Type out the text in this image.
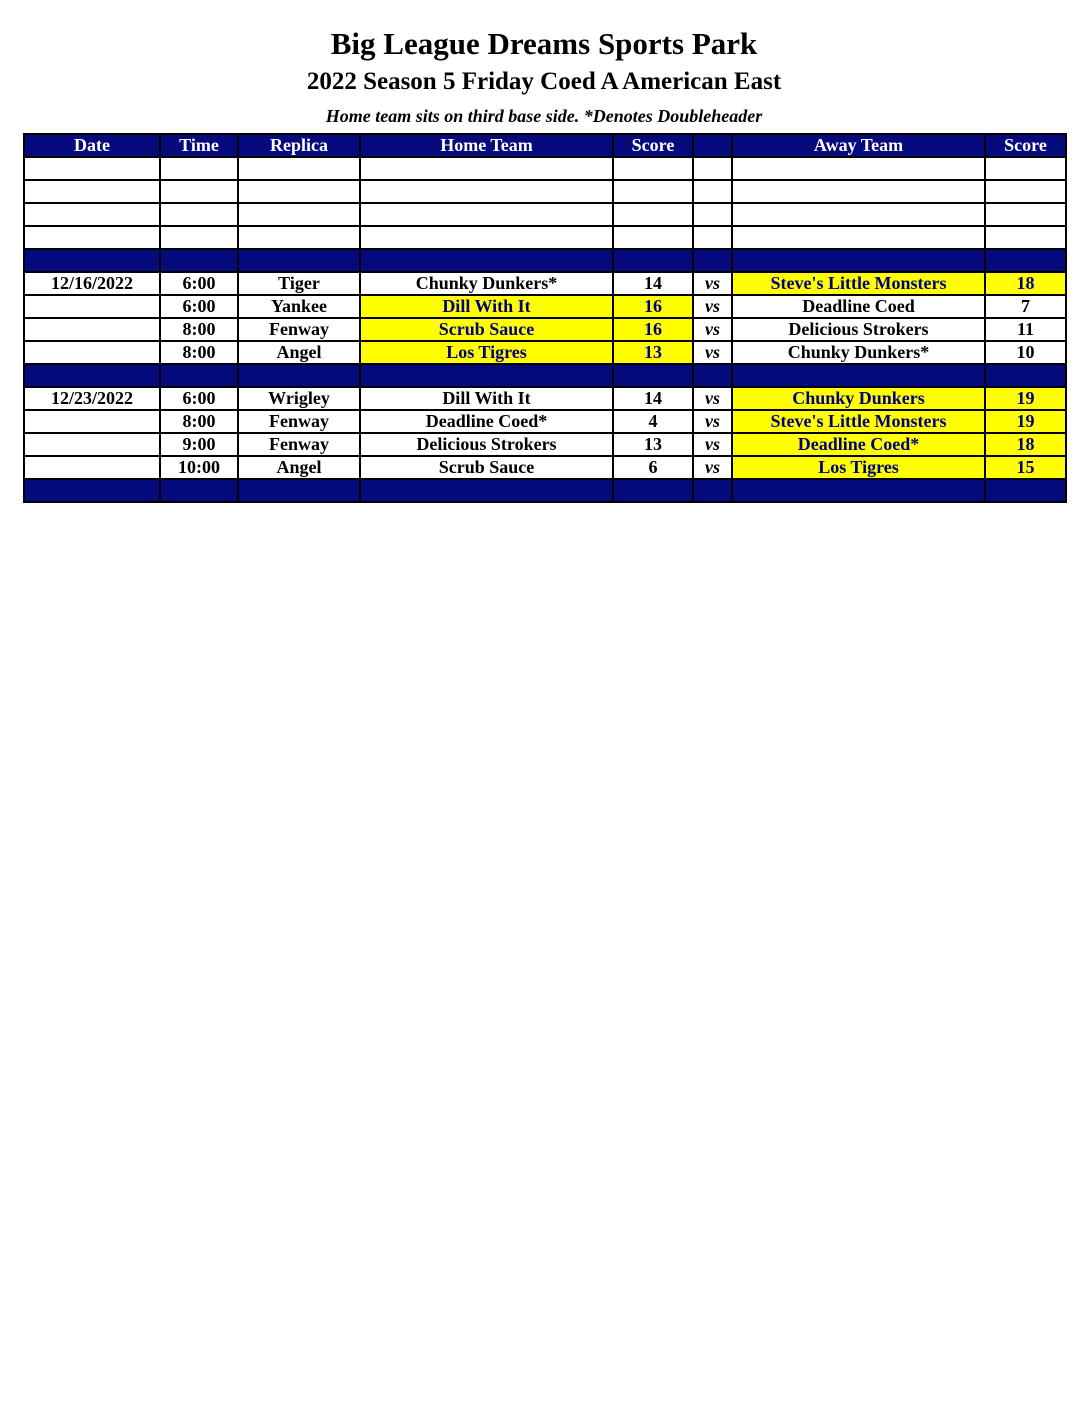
Big League Dreams Sports Park
2022 Season 5 Friday Coed A American East
Home team sits on third base side. *Denotes Doubleheader
Date	Time	Replica	Home Team	Score		Away Team	Score

12/16/2022	6:00	Tiger	Chunky Dunkers*	14	vs	Steve's Little Monsters	18
	6:00	Yankee	Dill With It	16	vs	Deadline Coed	7
	8:00	Fenway	Scrub Sauce	16	vs	Delicious Strokers	11
	8:00	Angel	Los Tigres	13	vs	Chunky Dunkers*	10

12/23/2022	6:00	Wrigley	Dill With It	14	vs	Chunky Dunkers	19
	8:00	Fenway	Deadline Coed*	4	vs	Steve's Little Monsters	19
	9:00	Fenway	Delicious Strokers	13	vs	Deadline Coed*	18
	10:00	Angel	Scrub Sauce	6	vs	Los Tigres	15
